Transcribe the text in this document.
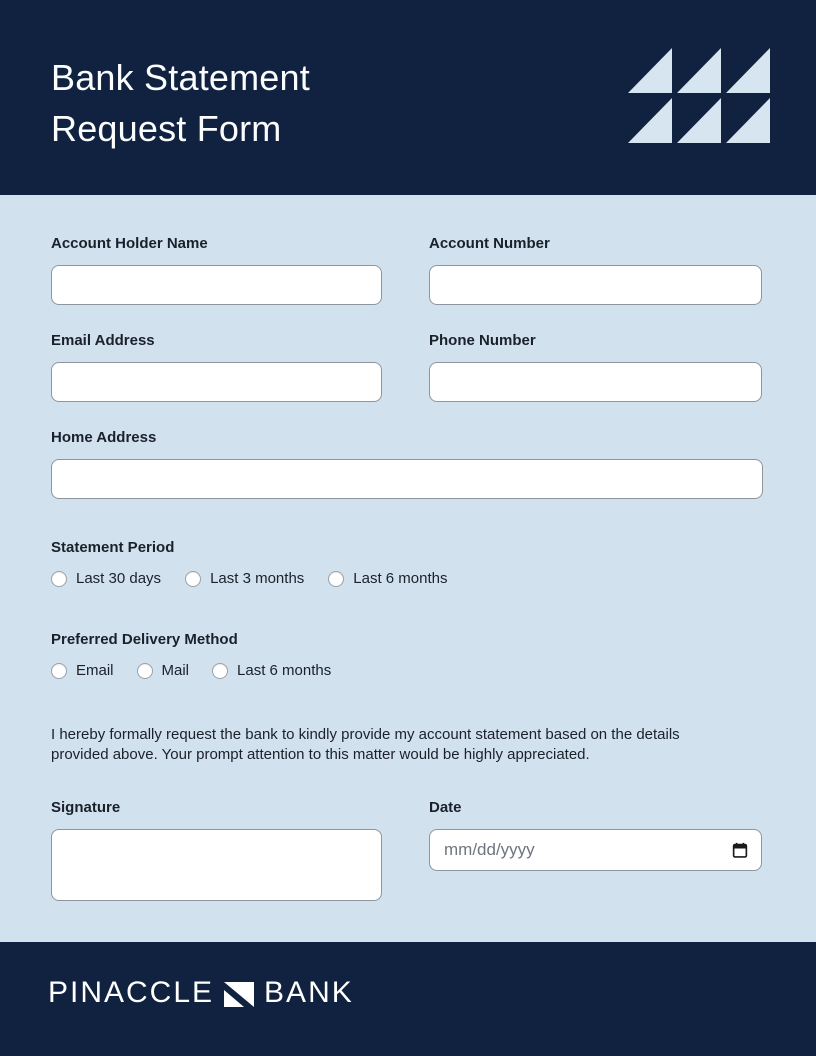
Bank Statement
Request Form
Account Holder Name	Account Number
Email Address	Phone Number
Home Address
Statement Period
Last 30 days	Last 3 months	Last 6 months
Preferred Delivery Method
Email	Mail	Last 6 months

I hereby formally request the bank to kindly provide my account statement based on the details provided above. Your prompt attention to this matter would be highly appreciated.

Signature	Date
mm/dd/yyyy
PINACCLE BANK
